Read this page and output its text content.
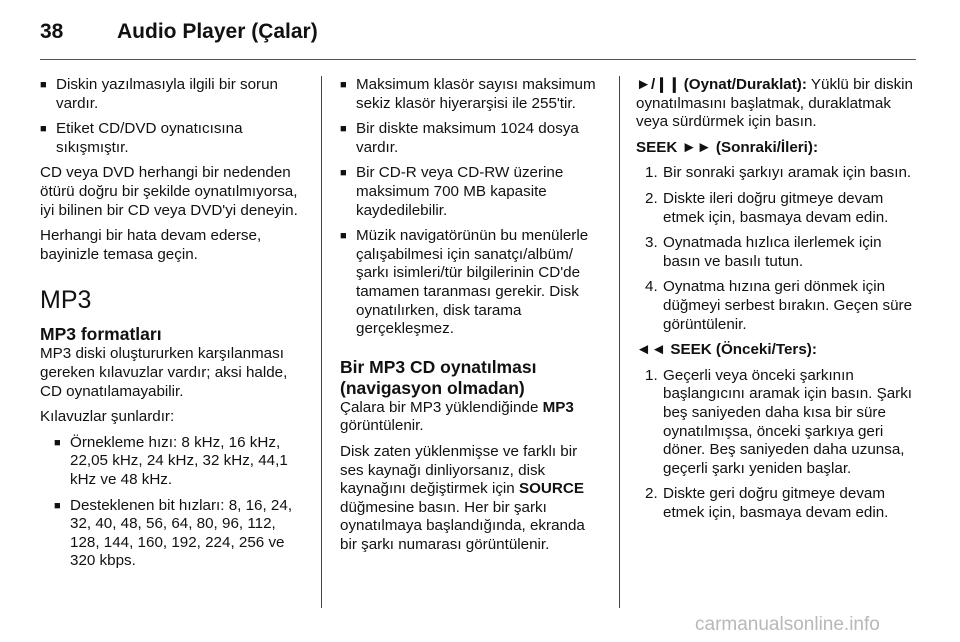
38	Audio Player (Çalar)
■ Diskin yazılmasıyla ilgili bir sorun vardır.
■ Etiket CD/DVD oynatıcısına sıkışmıştır.

CD veya DVD herhangi bir nedenden ötürü doğru bir şekilde oynatılmıyorsa, iyi bilinen bir CD veya DVD'yi deneyin.

Herhangi bir hata devam ederse, bayinizle temasa geçin.

MP3
MP3 formatları

MP3 diski oluştururken karşılanması gereken kılavuzlar vardır; aksi halde, CD oynatılamayabilir.

Kılavuzlar şunlardır:

■ Örnekleme hızı: 8 kHz, 16 kHz, 22,05 kHz, 24 kHz, 32 kHz, 44,1 kHz ve 48 kHz.
■ Desteklenen bit hızları: 8, 16, 24, 32, 40, 48, 56, 64, 80, 96, 112, 128, 144, 160, 192, 224, 256 ve 320 kbps.
■ Maksimum klasör sayısı maksimum sekiz klasör hiyerarşisi ile 255'tir.
■ Bir diskte maksimum 1024 dosya vardır.
■ Bir CD-R veya CD-RW üzerine maksimum 700 MB kapasite kaydedilebilir.
■ Müzik navigatörünün bu menülerle çalışabilmesi için sanatçı/albüm/şarkı isimleri/tür bilgilerinin CD'de tamamen taranması gerekir. Disk oynatılırken, disk tarama gerçekleşmez.
Bir MP3 CD oynatılması (navigasyon olmadan)

Çalara bir MP3 yüklendiğinde MP3 görüntülenir.

Disk zaten yüklenmişse ve farklı bir ses kaynağı dinliyorsanız, disk kaynağını değiştirmek için SOURCE düğmesine basın. Her bir şarkı oynatılmaya başlandığında, ekranda bir şarkı numarası görüntülenir.

►/❙❙ (Oynat/Duraklat): Yüklü bir diskin oynatılmasını başlatmak, duraklatmak veya sürdürmek için basın.

SEEK ►► (Sonraki/İleri):
1. Bir sonraki şarkıyı aramak için basın.
2. Diskte ileri doğru gitmeye devam etmek için, basmaya devam edin.
3. Oynatmada hızlıca ilerlemek için basın ve basılı tutun.
4. Oynatma hızına geri dönmek için düğmeyi serbest bırakın. Geçen süre görüntülenir.
◄◄ SEEK (Önceki/Ters):
1. Geçerli veya önceki şarkının başlangıcını aramak için basın. Şarkı beş saniyeden daha kısa bir süre oynatılmışsa, önceki şarkıya geri döner. Beş saniyeden daha uzunsa, geçerli şarkı yeniden başlar.
2. Diskte geri doğru gitmeye devam etmek için, basmaya devam edin.
carmanualsonline.info
